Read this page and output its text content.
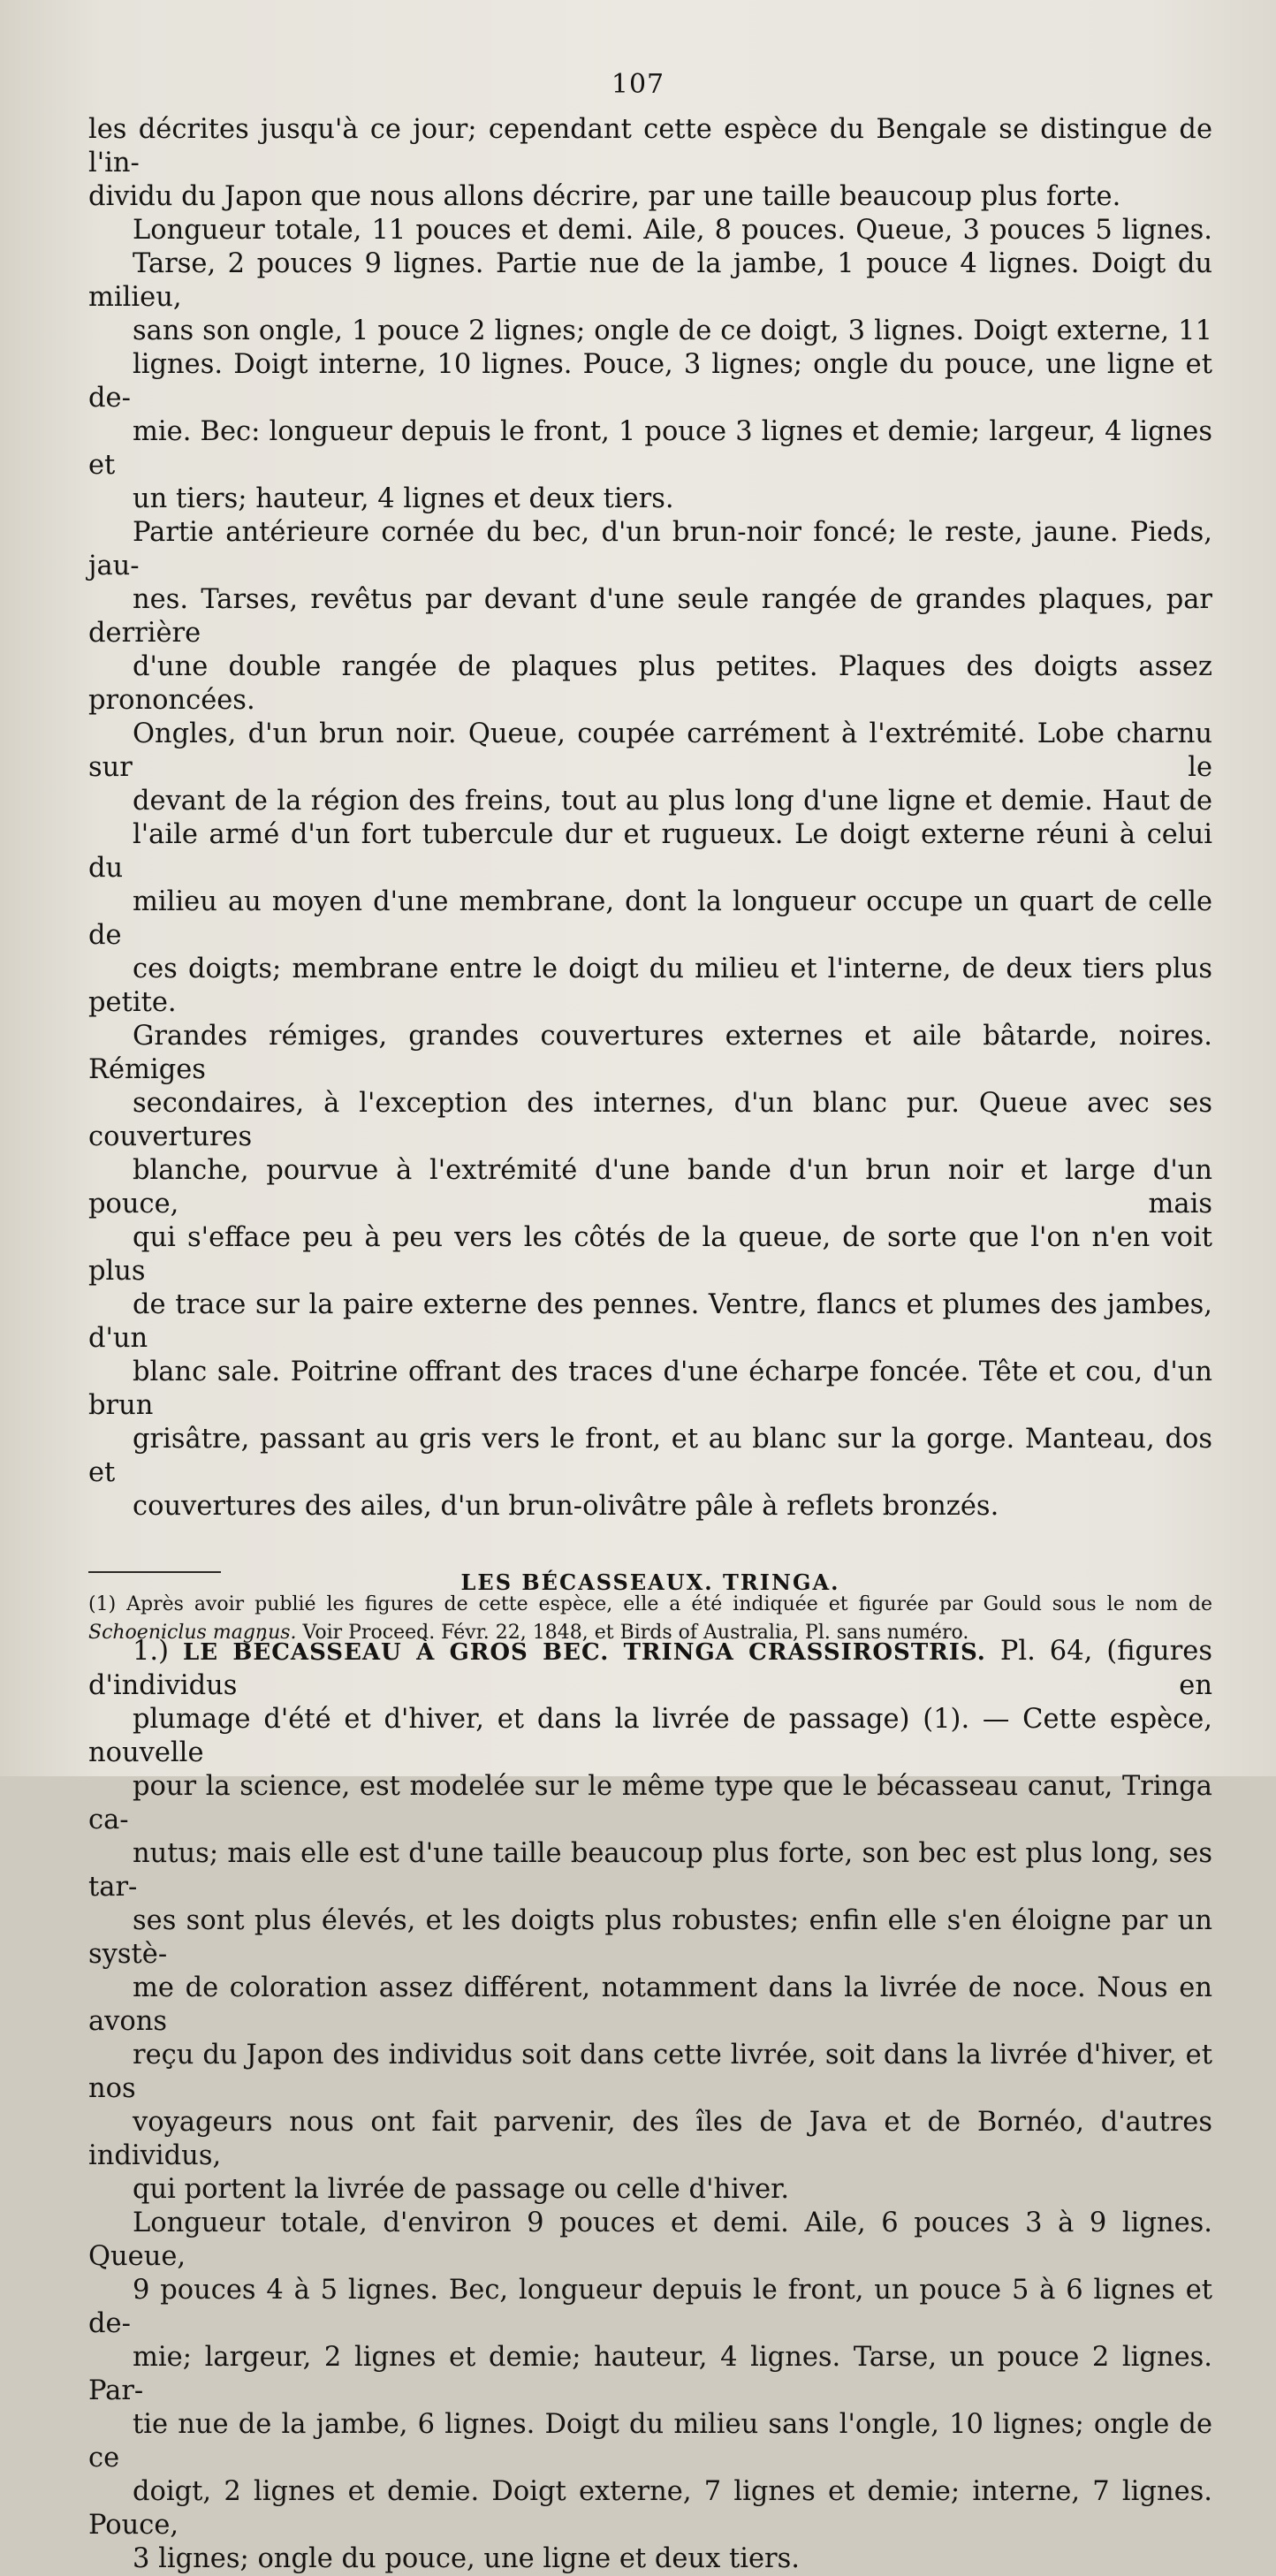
107

les décrites jusqu'à ce jour; cependant cette espèce du Bengale se distingue de l'in-
dividu du Japon que nous allons décrire, par une taille beaucoup plus forte.

Longueur totale, 11 pouces et demi. Aile, 8 pouces. Queue, 3 pouces 5 lignes.
Tarse, 2 pouces 9 lignes. Partie nue de la jambe, 1 pouce 4 lignes. Doigt du milieu,
sans son ongle, 1 pouce 2 lignes; ongle de ce doigt, 3 lignes. Doigt externe, 11
lignes. Doigt interne, 10 lignes. Pouce, 3 lignes; ongle du pouce, une ligne et de-
mie. Bec: longueur depuis le front, 1 pouce 3 lignes et demie; largeur, 4 lignes et
un tiers; hauteur, 4 lignes et deux tiers.

Partie antérieure cornée du bec, d'un brun-noir foncé; le reste, jaune. Pieds, jau-
nes. Tarses, revêtus par devant d'une seule rangée de grandes plaques, par derrière
d'une double rangée de plaques plus petites. Plaques des doigts assez prononcées.
Ongles, d'un brun noir. Queue, coupée carrément à l'extrémité. Lobe charnu sur le
devant de la région des freins, tout au plus long d'une ligne et demie. Haut de
l'aile armé d'un fort tubercule dur et rugueux. Le doigt externe réuni à celui du
milieu au moyen d'une membrane, dont la longueur occupe un quart de celle de
ces doigts; membrane entre le doigt du milieu et l'interne, de deux tiers plus petite.

Grandes rémiges, grandes couvertures externes et aile bâtarde, noires. Rémiges
secondaires, à l'exception des internes, d'un blanc pur. Queue avec ses couvertures
blanche, pourvue à l'extrémité d'une bande d'un brun noir et large d'un pouce, mais
qui s'efface peu à peu vers les côtés de la queue, de sorte que l'on n'en voit plus
de trace sur la paire externe des pennes. Ventre, flancs et plumes des jambes, d'un
blanc sale. Poitrine offrant des traces d'une écharpe foncée. Tête et cou, d'un brun
grisâtre, passant au gris vers le front, et au blanc sur la gorge. Manteau, dos et
couvertures des ailes, d'un brun-olivâtre pâle à reflets bronzés.

LES BÉCASSEAUX. TRINGA.

1.) LE BÉCASSEAU À GROS BEC. TRINGA CRASSIROSTRIS. Pl. 64, (figures d'individus en
plumage d'été et d'hiver, et dans la livrée de passage) (1). — Cette espèce, nouvelle
pour la science, est modelée sur le même type que le bécasseau canut, Tringa ca-
nutus; mais elle est d'une taille beaucoup plus forte, son bec est plus long, ses tar-
ses sont plus élevés, et les doigts plus robustes; enfin elle s'en éloigne par un systè-
me de coloration assez différent, notamment dans la livrée de noce. Nous en avons
reçu du Japon des individus soit dans cette livrée, soit dans la livrée d'hiver, et nos
voyageurs nous ont fait parvenir, des îles de Java et de Bornéo, d'autres individus,
qui portent la livrée de passage ou celle d'hiver.

Longueur totale, d'environ 9 pouces et demi. Aile, 6 pouces 3 à 9 lignes. Queue,
9 pouces 4 à 5 lignes. Bec, longueur depuis le front, un pouce 5 à 6 lignes et de-
mie; largeur, 2 lignes et demie; hauteur, 4 lignes. Tarse, un pouce 2 lignes. Par-
tie nue de la jambe, 6 lignes. Doigt du milieu sans l'ongle, 10 lignes; ongle de ce
doigt, 2 lignes et demie. Doigt externe, 7 lignes et demie; interne, 7 lignes. Pouce,
3 lignes; ongle du pouce, une ligne et deux tiers.

(1) Après avoir publié les figures de cette espèce, elle a été indiquée et figurée par Gould sous le nom de
Schoeniclus magnus. Voir Proceed. Févr. 22, 1848, et Birds of Australia, Pl. sans numéro.
